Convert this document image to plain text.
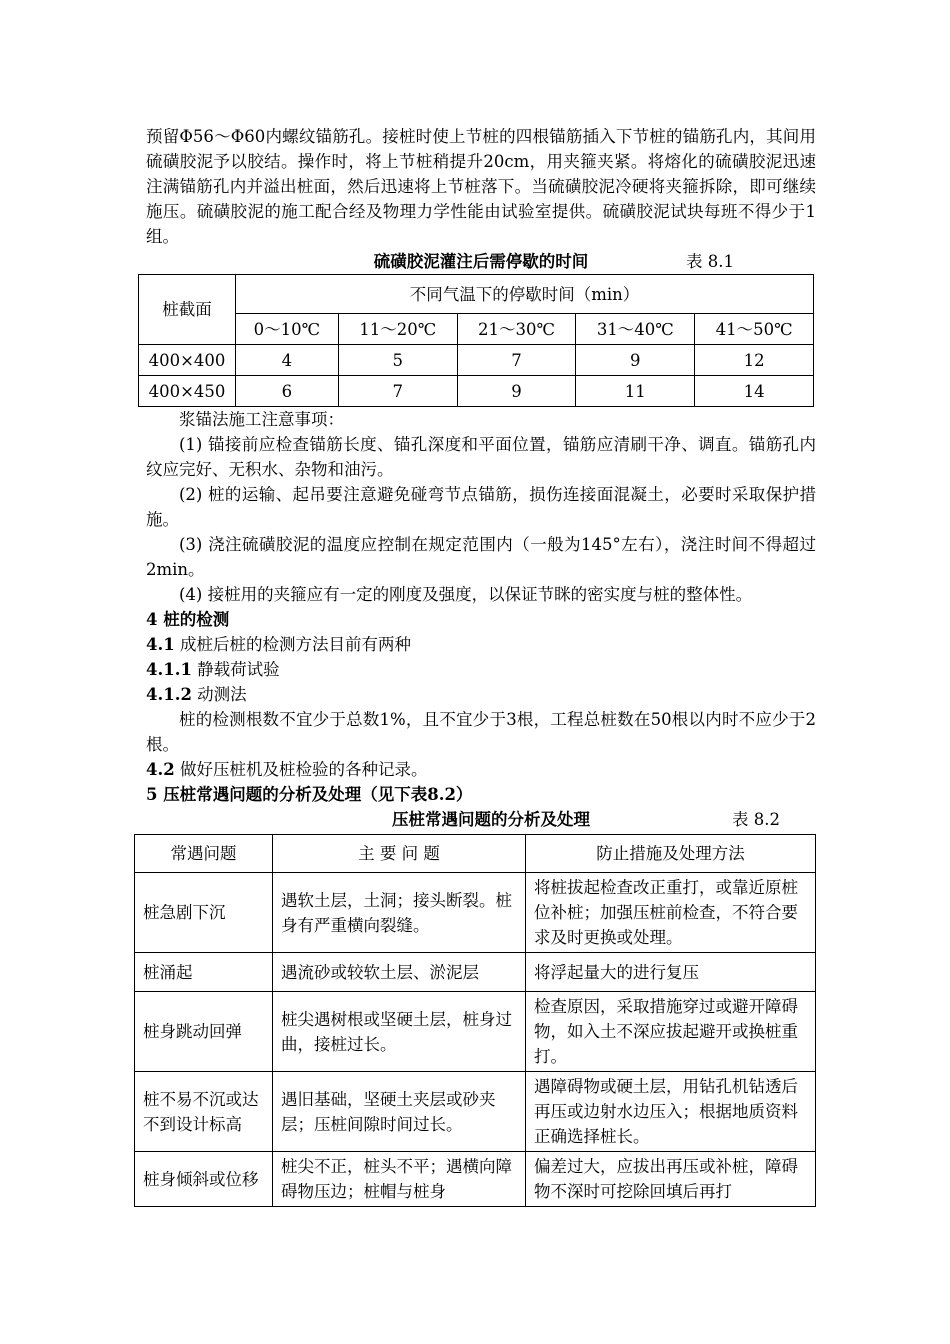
预留Φ56～Φ60内螺纹锚筋孔。接桩时使上节桩的四根锚筋插入下节桩的锚筋孔内，其间用硫磺胶泥予以胶结。操作时，将上节桩稍提升20cm，用夹箍夹紧。将熔化的硫磺胶泥迅速注满锚筋孔内并溢出桩面，然后迅速将上节桩落下。当硫磺胶泥冷硬将夹箍拆除，即可继续施压。硫磺胶泥的施工配合经及物理力学性能由试验室提供。硫磺胶泥试块每班不得少于1组。

硫磺胶泥灌注后需停歇的时间	表 8.1
桩截面	不同气温下的停歇时间（min）				
	0～10℃	11～20℃	21～30℃	31～40℃	41～50℃
400×400	4	5	7	9	12
400×450	6	7	9	11	14

浆锚法施工注意事项：

(1) 锚接前应检查锚筋长度、锚孔深度和平面位置，锚筋应清刷干净、调直。锚筋孔内纹应完好、无积水、杂物和油污。

(2) 桩的运输、起吊要注意避免碰弯节点锚筋，损伤连接面混凝土，必要时采取保护措施。

(3) 浇注硫磺胶泥的温度应控制在规定范围内（一般为145°左右），浇注时间不得超过2min。

(4) 接桩用的夹箍应有一定的刚度及强度，以保证节眯的密实度与桩的整体性。

4 桩的检测

4.1 成桩后桩的检测方法目前有两种

4.1.1 静载荷试验

4.1.2 动测法

桩的检测根数不宜少于总数1%，且不宜少于3根，工程总桩数在50根以内时不应少于2根。

4.2 做好压桩机及桩检验的各种记录。

5 压桩常遇问题的分析及处理（见下表8.2）

压桩常遇问题的分析及处理	表 8.2
常遇问题	主 要 问 题	防止措施及处理方法
桩急剧下沉	遇软土层，土洞；接头断裂。桩身有严重横向裂缝。	将桩拔起检查改正重打，或靠近原桩位补桩；加强压桩前检查，不符合要求及时更换或处理。
桩涌起	遇流砂或较软土层、淤泥层	将浮起量大的进行复压
桩身跳动回弹	桩尖遇树根或坚硬土层，桩身过曲，接桩过长。	检查原因，采取措施穿过或避开障碍物，如入土不深应拔起避开或换桩重打。
桩不易不沉或达不到设计标高	遇旧基础，坚硬土夹层或砂夹层；压桩间隙时间过长。	遇障碍物或硬土层，用钻孔机钻透后再压或边射水边压入；根据地质资料正确选择桩长。
桩身倾斜或位移	桩尖不正，桩头不平；遇横向障碍物压边；桩帽与桩身	偏差过大，应拔出再压或补桩，障碍物不深时可挖除回填后再打
